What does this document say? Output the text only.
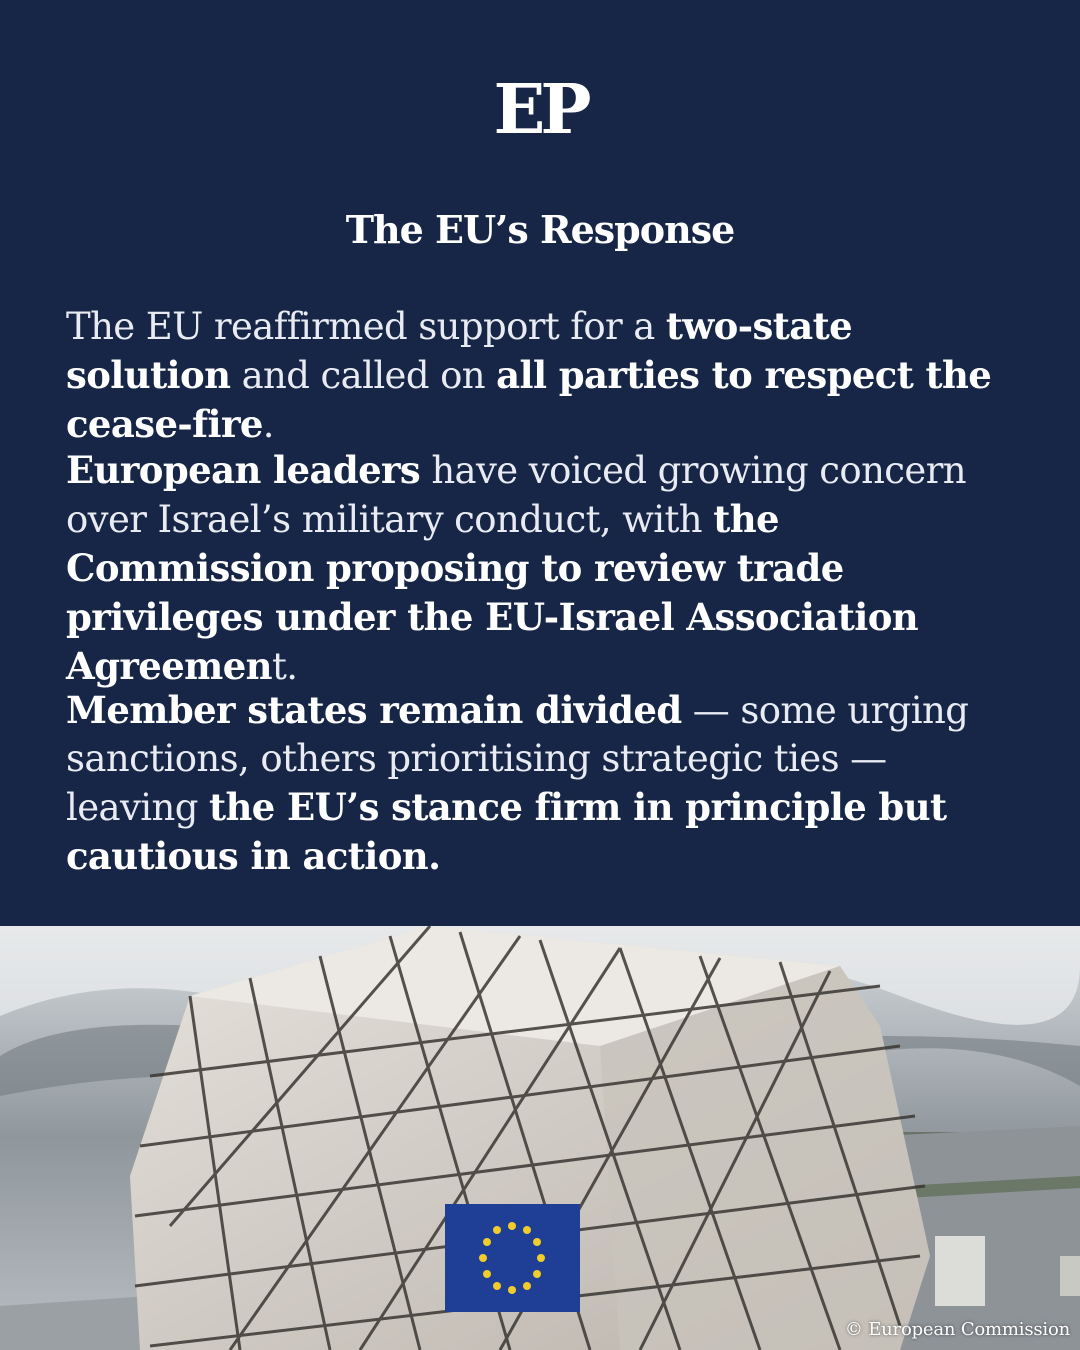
EP
The EU’s Response
The EU reaffirmed support for a two-state solution and called on all parties to respect the cease-fire.
European leaders have voiced growing concern over Israel’s military conduct, with the Commission proposing to review trade privileges under the EU-Israel Association Agreement.
Member states remain divided — some urging sanctions, others prioritising strategic ties — leaving the EU’s stance firm in principle but cautious in action.
© European Commission
